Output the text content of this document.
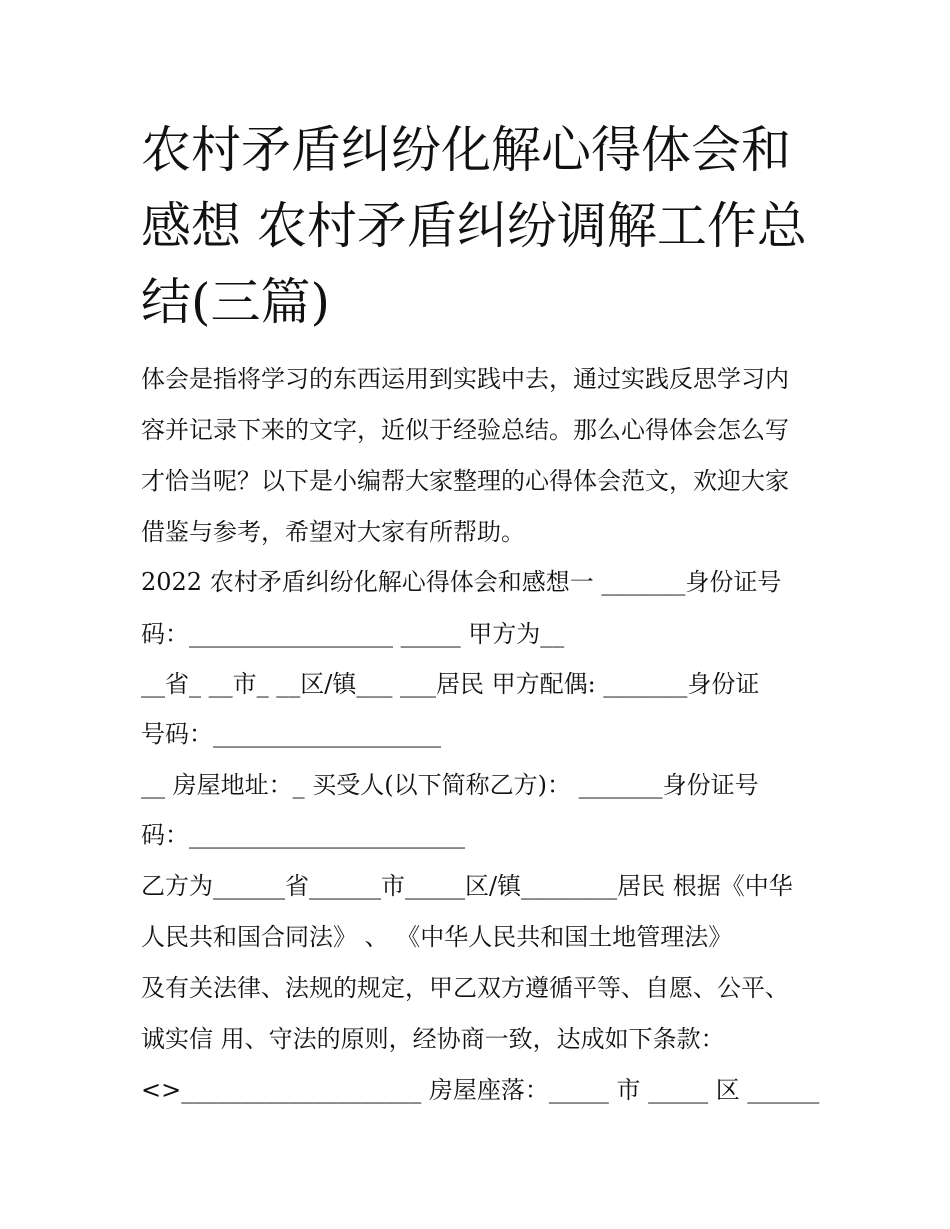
农村矛盾纠纷化解心得体会和
感想 农村矛盾纠纷调解工作总
结(三篇)

体会是指将学习的东西运用到实践中去，通过实践反思学习内

容并记录下来的文字，近似于经验总结。那么心得体会怎么写

才恰当呢？以下是小编帮大家整理的心得体会范文，欢迎大家

借鉴与参考，希望对大家有所帮助。

2022 农村矛盾纠纷化解心得体会和感想一 _______身份证号

码：_________________ _____ 甲方为__

__省_ __市_ __区/镇___ ___居民 甲方配偶: _______身份证

号码：___________________

__ 房屋地址：_ 买受人(以下简称乙方)： _______身份证号

码：_______________________

乙方为______省______市_____区/镇________居民 根据《中华

人民共和国合同法》 、 《中华人民共和国土地管理法》

及有关法律、法规的规定，甲乙双方遵循平等、自愿、公平、

诚实信 用、守法的原则，经协商一致，达成如下条款：

<>____________________ 房屋座落：_____ 市 _____ 区 ______
